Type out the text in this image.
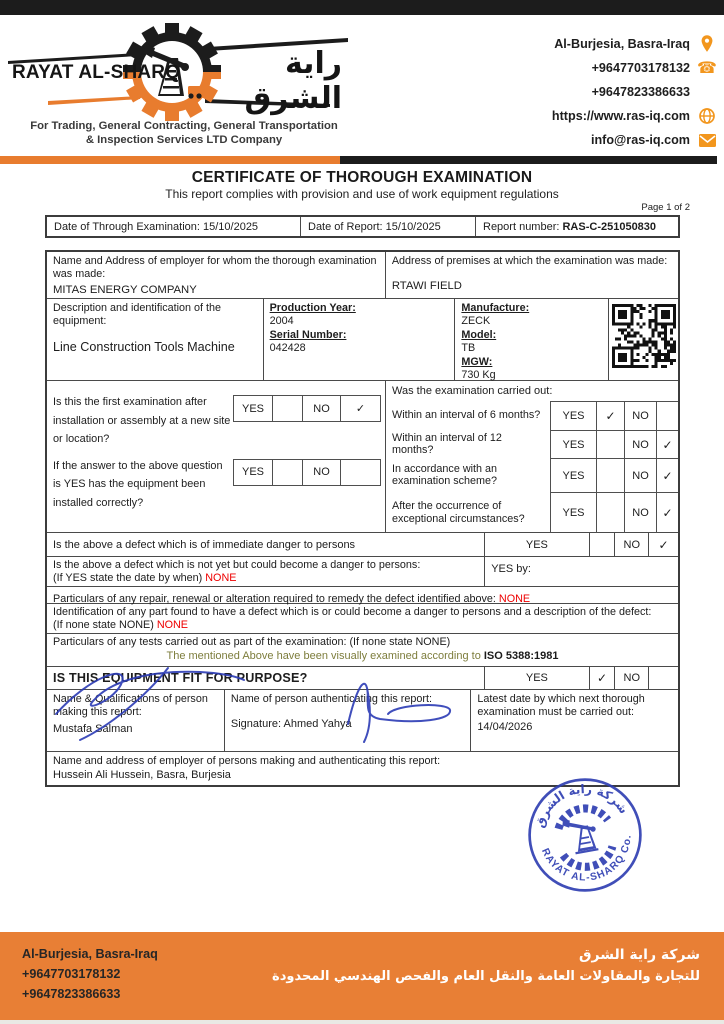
RAYAT AL-SHARQ	راية الشرق
For Trading, General Contracting, General Transportation
& Inspection Services LTD Company
Al-Burjesia, Basra-Iraq
+9647703178132 ☎
+9647823386633
https://www.ras-iq.com
info@ras-iq.com
CERTIFICATE OF THOROUGH EXAMINATION
This report complies with provision and use of work equipment regulations
Page 1 of 2
Date of Through Examination: 15/10/2025	Date of Report: 15/10/2025	Report number: RAS-C-251050830
Name and Address of employer for whom the thorough examination was made:
MITAS ENERGY COMPANY
Address of premises at which the examination was made:
RTAWI FIELD
Description and identification of the equipment:
Line Construction Tools Machine
Production Year:
2004
Serial Number:
042428
Manufacture:
ZECK
Model:
TB
MGW:
730 Kg
Is this the first examination after installation or assembly at a new site or location?
YES	NO	✓
If the answer to the above question is YES has the equipment been installed correctly?
YES	NO
Was the examination carried out:
Within an interval of 6 months?	YES	✓	NO
Within an interval of 12 months?	YES	NO	✓
In accordance with an examination scheme?	YES	NO	✓
After the occurrence of exceptional circumstances?	YES	NO	✓
Is the above a defect which is of immediate danger to persons	YES	NO	✓
Is the above a defect which is not yet but could become a danger to persons:
(If YES state the date by when) NONE
YES by:
Particulars of any repair, renewal or alteration required to remedy the defect identified above: NONE
Identification of any part found to have a defect which is or could become a danger to persons and a description of the defect:
(If none state NONE) NONE
Particulars of any tests carried out as part of the examination: (If none state NONE)
The mentioned Above have been visually examined according to ISO 5388:1981
IS THIS EQUIPMENT FIT FOR PURPOSE?	YES	✓	NO
Name & Qualifications of person making this report:
Mustafa Salman
Name of person authenticating this report:
Signature: Ahmed Yahya
Latest date by which next thorough examination must be carried out:
14/04/2026
Name and address of employer of persons making and authenticating this report:
Hussein Ali Hussein, Basra, Burjesia
شركة راية الشرق
RAYAT AL-SHARQ Co.
Al-Burjesia, Basra-Iraq
+9647703178132
+9647823386633
شركة راية الشرق
للتجارة والمقاولات العامة والنقل العام والفحص الهندسي المحدودة
